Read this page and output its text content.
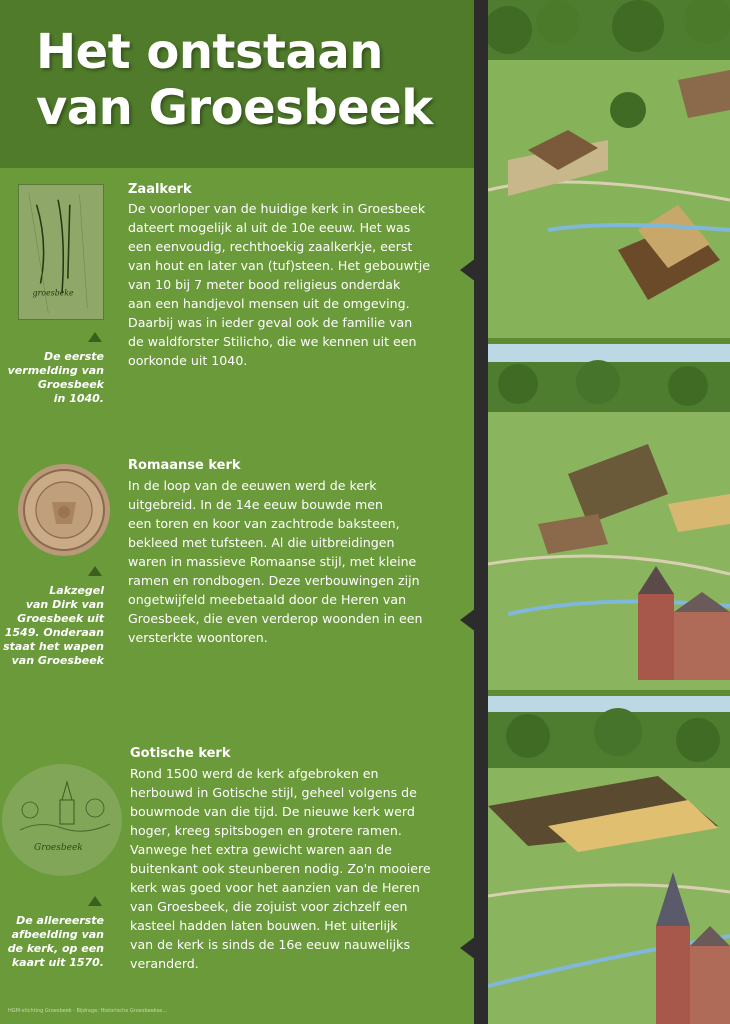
Het ontstaan
van Groesbeek
groesbeke
De eerste
vermelding van
Groesbeek
in 1040.
Zaalkerk
De voorloper van de huidige kerk in Groesbeek
dateert mogelijk al uit de 10e eeuw. Het was
een eenvoudig, rechthoekig zaalkerkje, eerst
van hout en later van (tuf)steen. Het gebouwtje
van 10 bij 7 meter bood religieus onderdak
aan een handjevol mensen uit de omgeving.
Daarbij was in ieder geval ook de familie van
de waldforster Stilicho, die we kennen uit een
oorkonde uit 1040.
Lakzegel
van Dirk van
Groesbeek uit
1549. Onderaan
staat het wapen
van Groesbeek
Romaanse kerk
In de loop van de eeuwen werd de kerk
uitgebreid. In de 14e eeuw bouwde men
een toren en koor van zachtrode baksteen,
bekleed met tufsteen. Al die uitbreidingen
waren in massieve Romaanse stijl, met kleine
ramen en rondbogen. Deze verbouwingen zijn
ongetwijfeld meebetaald door de Heren van
Groesbeek, die even verderop woonden in een
versterkte woontoren.
Groesbeek
De allereerste
afbeelding van
de kerk, op een
kaart uit 1570.
Gotische kerk
Rond 1500 werd de kerk afgebroken en
herbouwd in Gotische stijl, geheel volgens de
bouwmode van die tijd. De nieuwe kerk werd
hoger, kreeg spitsbogen en grotere ramen.
Vanwege het extra gewicht waren aan de
buitenkant ook steunberen nodig. Zo'n mooiere
kerk was goed voor het aanzien van de Heren
van Groesbeek, die zojuist voor zichzelf een
kasteel hadden laten bouwen. Het uiterlijk
van de kerk is sinds de 16e eeuw nauwelijks
veranderd.
HGM-stichting Groesbeek · Bijdrage: Historische Groesbeekse...
